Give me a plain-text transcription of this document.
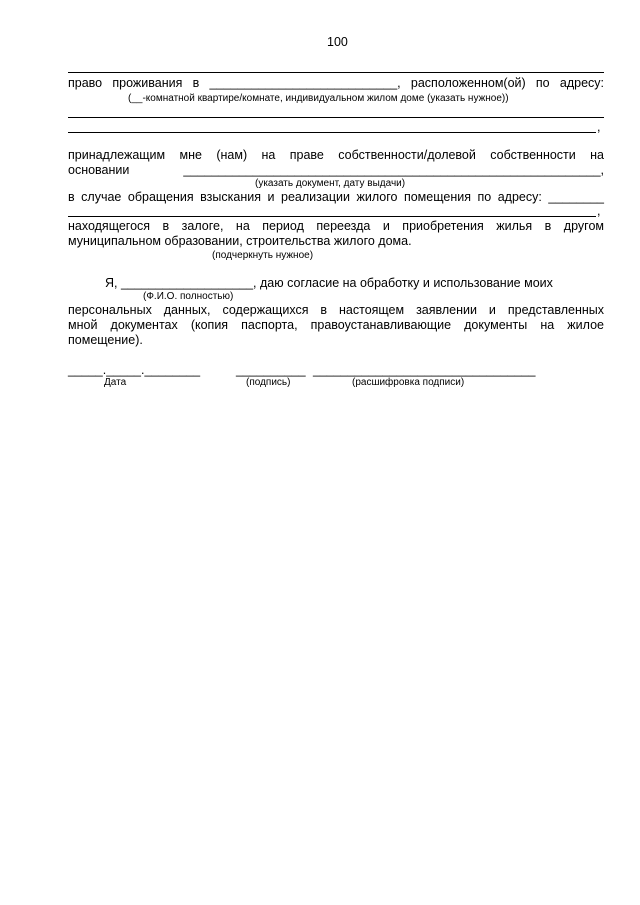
100
право проживания в ___________________________, расположенном(ой) по адресу:
(__-комнатной квартире/комнате, индивидуальном жилом доме (указать нужное))
,
принадлежащим мне (нам) на праве собственности/долевой собственности на
основании ____________________________________________________________,
(указать документ, дату выдачи)
в случае обращения взыскания и реализации жилого помещения по адресу: ________
,
находящегося в залоге, на период переезда и приобретения жилья в другом
муниципальном образовании, строительства жилого дома.
(подчеркнуть нужное)
Я, ___________________, даю согласие на обработку и использование моих
(Ф.И.О. полностью)
персональных данных, содержащихся в настоящем заявлении и представленных
мной документах (копия паспорта, правоустанавливающие документы на жилое
помещение).
_____._____.________
Дата
__________
(подпись)
________________________________
(расшифровка подписи)
